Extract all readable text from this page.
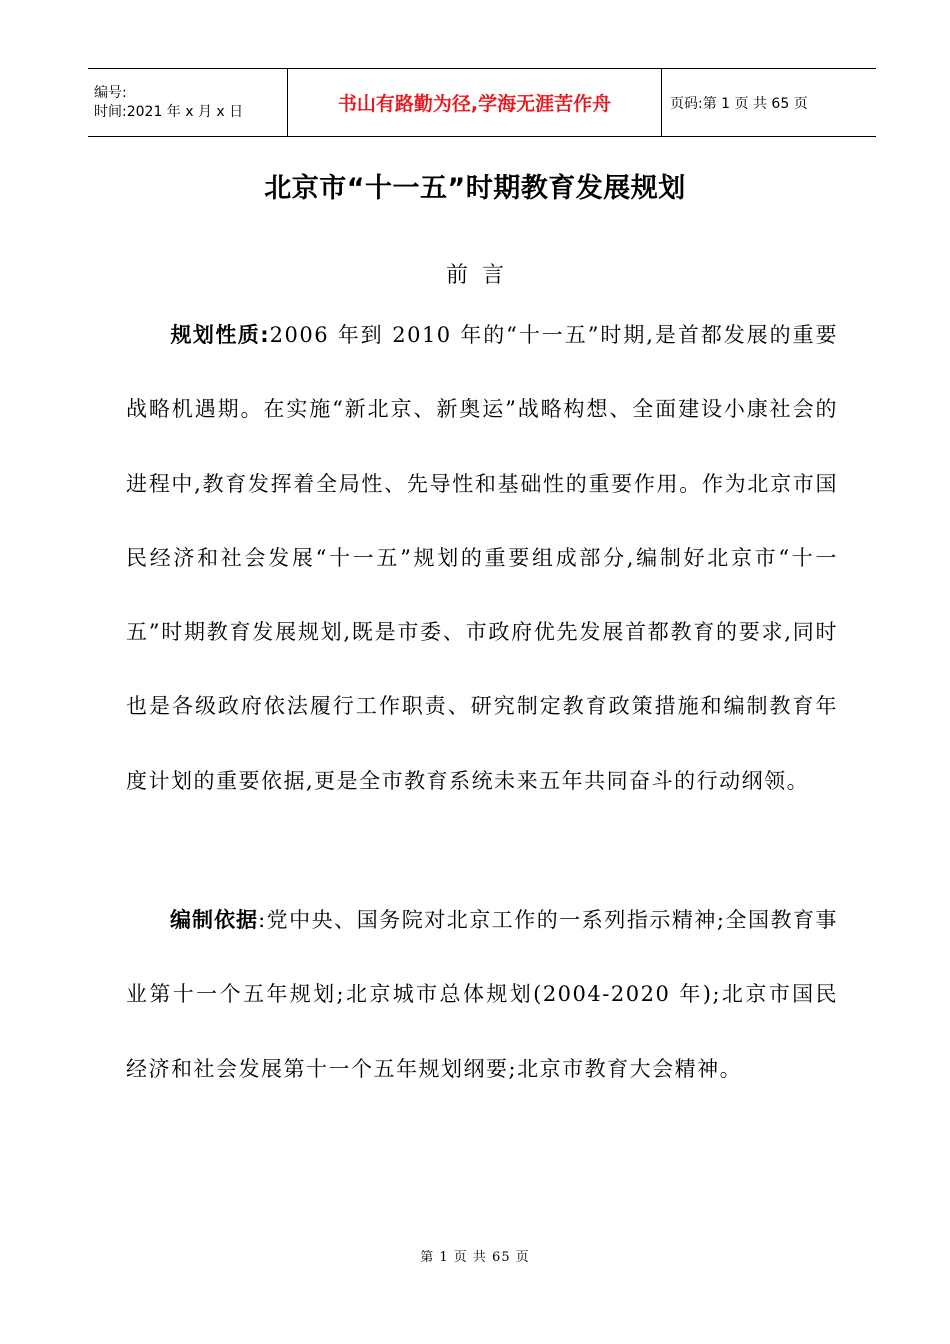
编号:
时间:2021 年 x 月 x 日	书山有路勤为径,学海无涯苦作舟	页码:第 1 页 共 65 页
北京市“十一五”时期教育发展规划
前言
规划性质:2006 年到 2010 年的“十一五”时期,是首都发展的重要战略机遇期。在实施“新北京、新奥运”战略构想、全面建设小康社会的进程中,教育发挥着全局性、先导性和基础性的重要作用。作为北京市国民经济和社会发展“十一五”规划的重要组成部分,编制好北京市“十一五”时期教育发展规划,既是市委、市政府优先发展首都教育的要求,同时也是各级政府依法履行工作职责、研究制定教育政策措施和编制教育年度计划的重要依据,更是全市教育系统未来五年共同奋斗的行动纲领。
编制依据:党中央、国务院对北京工作的一系列指示精神;全国教育事业第十一个五年规划;北京城市总体规划(2004-2020 年);北京市国民经济和社会发展第十一个五年规划纲要;北京市教育大会精神。
第 1 页 共 65 页
